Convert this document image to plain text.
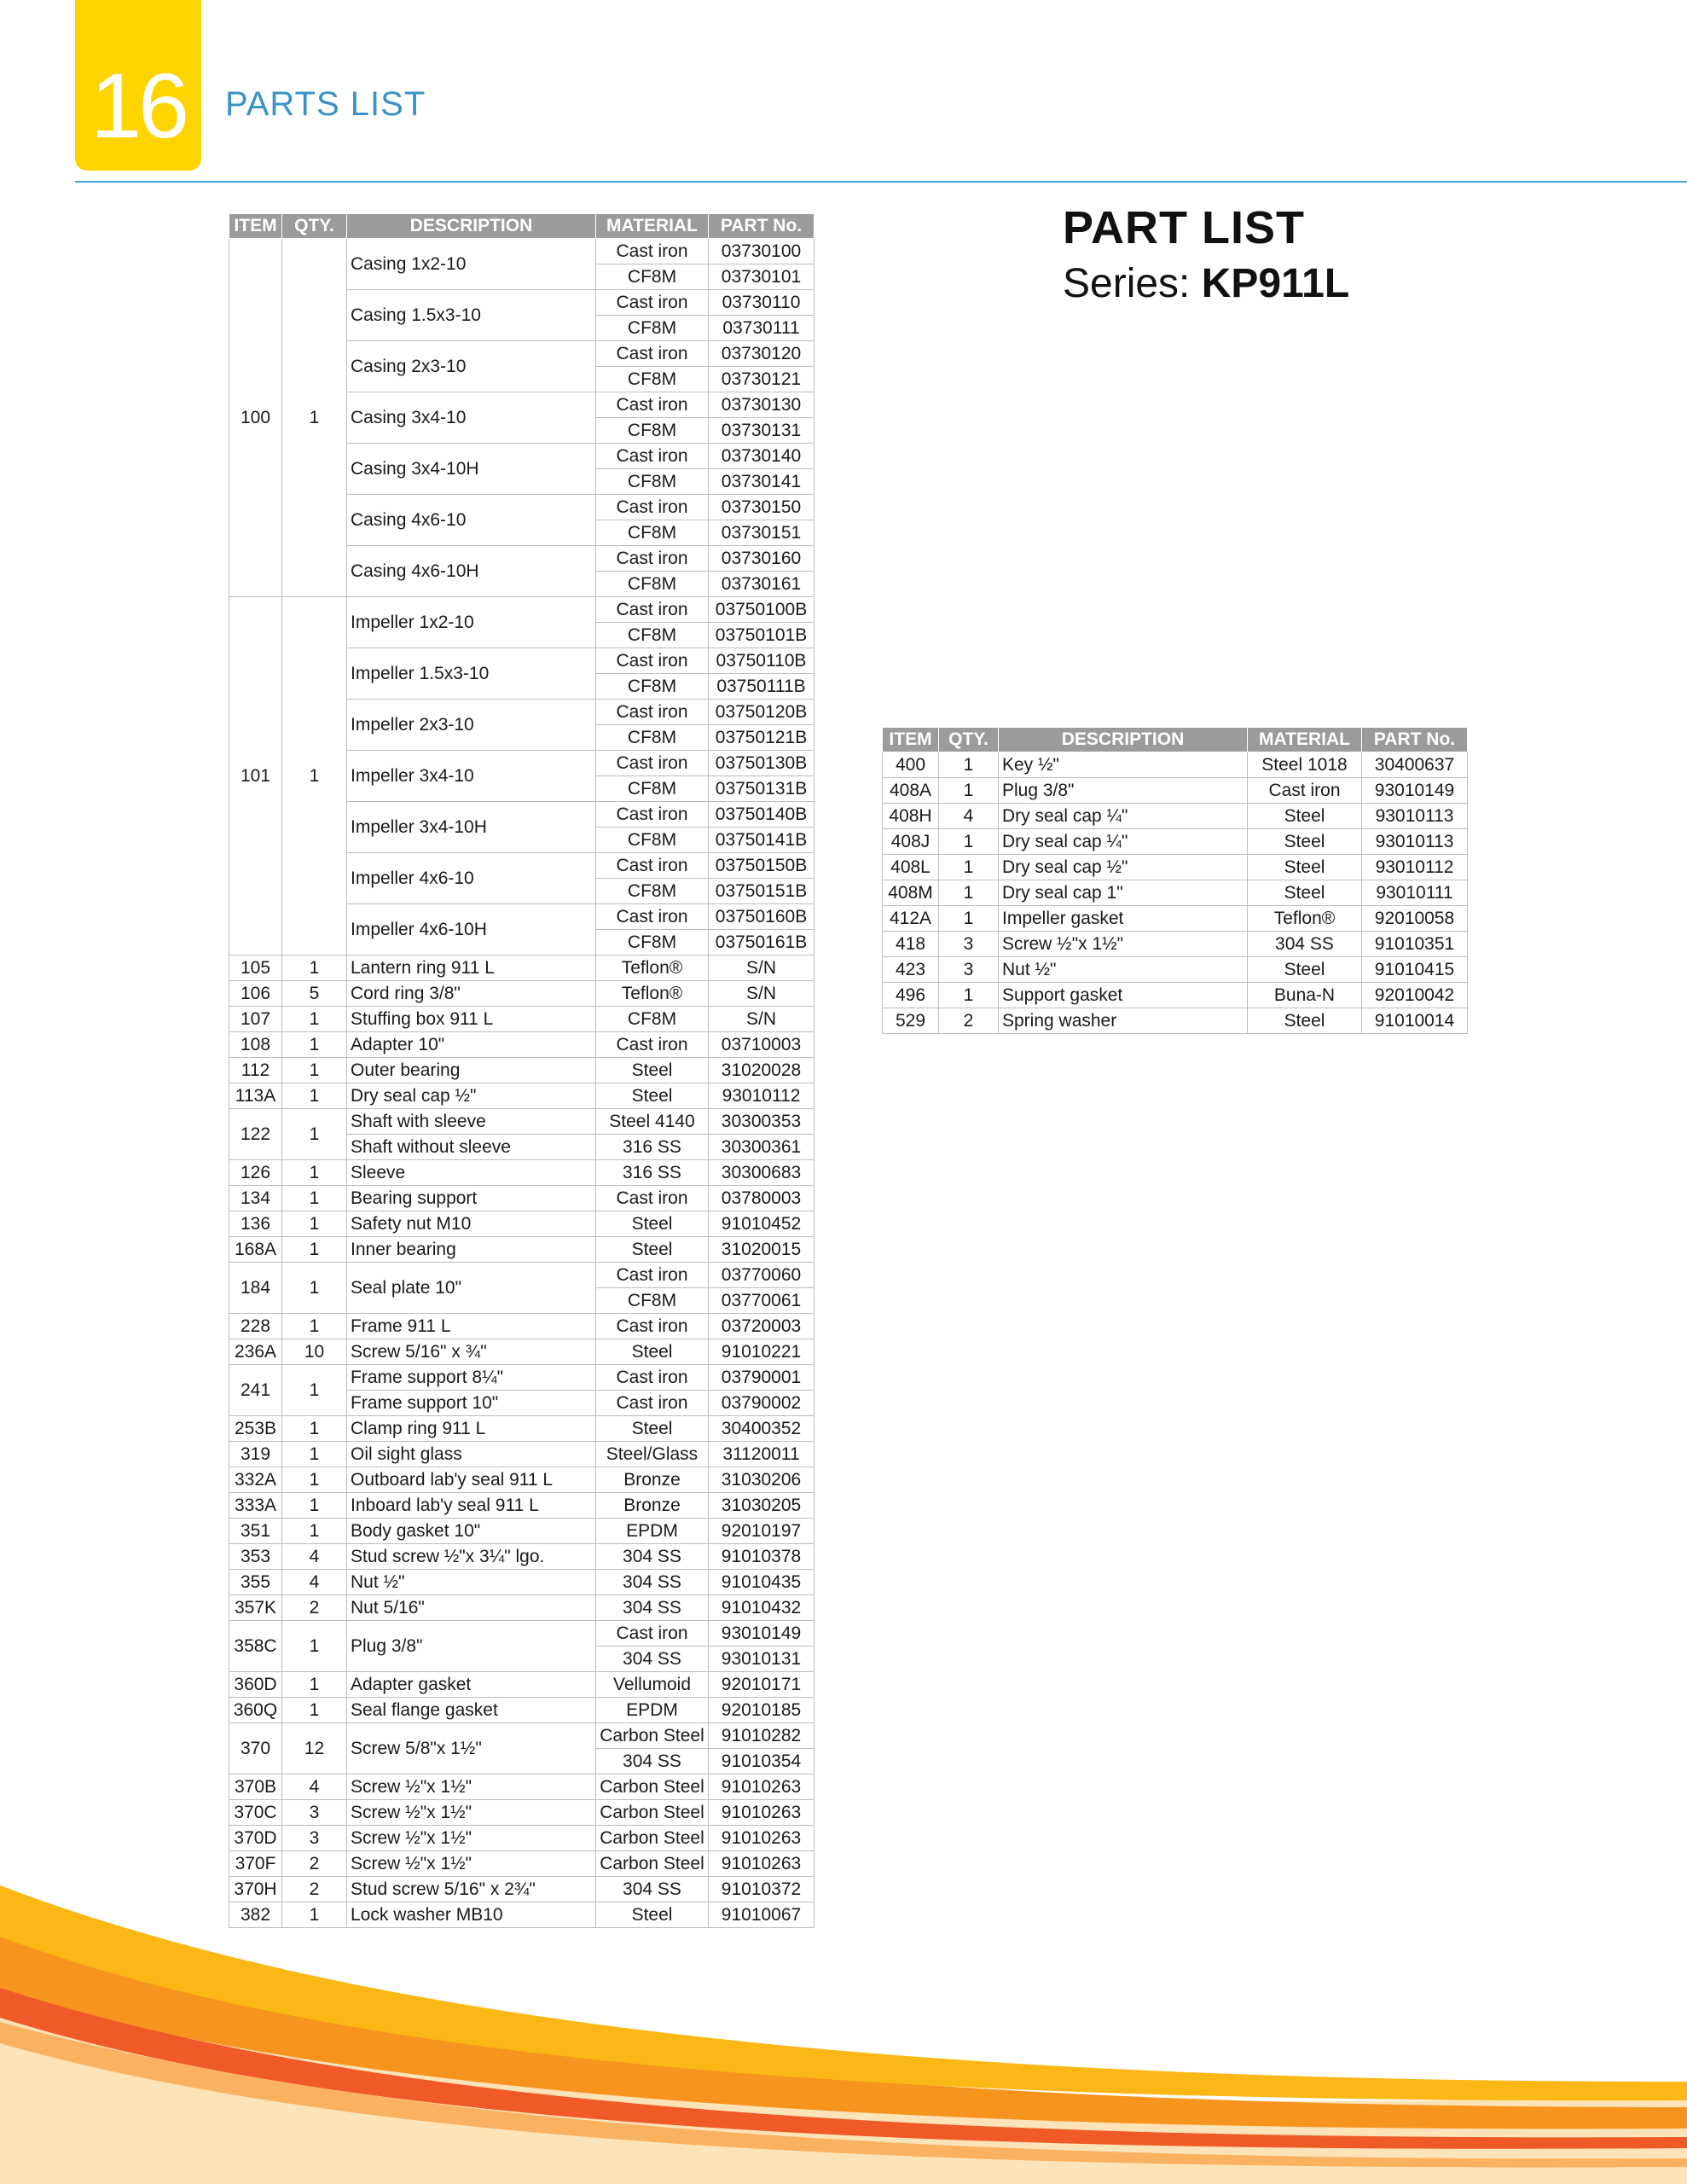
16	PARTS LIST
PART LIST
Series: KP911L
ITEM	QTY.	DESCRIPTION	MATERIAL	PART No.
100	1	Casing 1x2-10	Cast iron	03730100
			CF8M	03730101
		Casing 1.5x3-10	Cast iron	03730110
			CF8M	03730111
		Casing 2x3-10	Cast iron	03730120
			CF8M	03730121
		Casing 3x4-10	Cast iron	03730130
			CF8M	03730131
		Casing 3x4-10H	Cast iron	03730140
			CF8M	03730141
		Casing 4x6-10	Cast iron	03730150
			CF8M	03730151
		Casing 4x6-10H	Cast iron	03730160
			CF8M	03730161
101	1	Impeller 1x2-10	Cast iron	03750100B
			CF8M	03750101B
		Impeller 1.5x3-10	Cast iron	03750110B
			CF8M	03750111B
		Impeller 2x3-10	Cast iron	03750120B
			CF8M	03750121B
		Impeller 3x4-10	Cast iron	03750130B
			CF8M	03750131B
		Impeller 3x4-10H	Cast iron	03750140B
			CF8M	03750141B
		Impeller 4x6-10	Cast iron	03750150B
			CF8M	03750151B
		Impeller 4x6-10H	Cast iron	03750160B
			CF8M	03750161B
105	1	Lantern ring 911 L	Teflon®	S/N
106	5	Cord ring 3/8"	Teflon®	S/N
107	1	Stuffing box 911 L	CF8M	S/N
108	1	Adapter 10"	Cast iron	03710003
112	1	Outer bearing	Steel	31020028
113A	1	Dry seal cap ½"	Steel	93010112
122	1	Shaft with sleeve	Steel 4140	30300353
		Shaft without sleeve	316 SS	30300361
126	1	Sleeve	316 SS	30300683
134	1	Bearing support	Cast iron	03780003
136	1	Safety nut M10	Steel	91010452
168A	1	Inner bearing	Steel	31020015
184	1	Seal plate 10"	Cast iron	03770060
			CF8M	03770061
228	1	Frame 911 L	Cast iron	03720003
236A	10	Screw 5/16" x ¾"	Steel	91010221
241	1	Frame support 8¼"	Cast iron	03790001
		Frame support 10"	Cast iron	03790002
253B	1	Clamp ring 911 L	Steel	30400352
319	1	Oil sight glass	Steel/Glass	31120011
332A	1	Outboard lab'y seal 911 L	Bronze	31030206
333A	1	Inboard lab'y seal 911 L	Bronze	31030205
351	1	Body gasket 10"	EPDM	92010197
353	4	Stud screw ½"x 3¼" lgo.	304 SS	91010378
355	4	Nut ½"	304 SS	91010435
357K	2	Nut 5/16"	304 SS	91010432
358C	1	Plug 3/8"	Cast iron	93010149
			304 SS	93010131
360D	1	Adapter gasket	Vellumoid	92010171
360Q	1	Seal flange gasket	EPDM	92010185
370	12	Screw 5/8"x 1½"	Carbon Steel	91010282
			304 SS	91010354
370B	4	Screw ½"x 1½"	Carbon Steel	91010263
370C	3	Screw ½"x 1½"	Carbon Steel	91010263
370D	3	Screw ½"x 1½"	Carbon Steel	91010263
370F	2	Screw ½"x 1½"	Carbon Steel	91010263
370H	2	Stud screw 5/16" x 2¾"	304 SS	91010372
382	1	Lock washer MB10	Steel	91010067
ITEM	QTY.	DESCRIPTION	MATERIAL	PART No.
400	1	Key ½"	Steel 1018	30400637
408A	1	Plug 3/8"	Cast iron	93010149
408H	4	Dry seal cap ¼"	Steel	93010113
408J	1	Dry seal cap ¼"	Steel	93010113
408L	1	Dry seal cap ½"	Steel	93010112
408M	1	Dry seal cap 1"	Steel	93010111
412A	1	Impeller gasket	Teflon®	92010058
418	3	Screw ½"x 1½"	304 SS	91010351
423	3	Nut ½"	Steel	91010415
496	1	Support gasket	Buna-N	92010042
529	2	Spring washer	Steel	91010014
